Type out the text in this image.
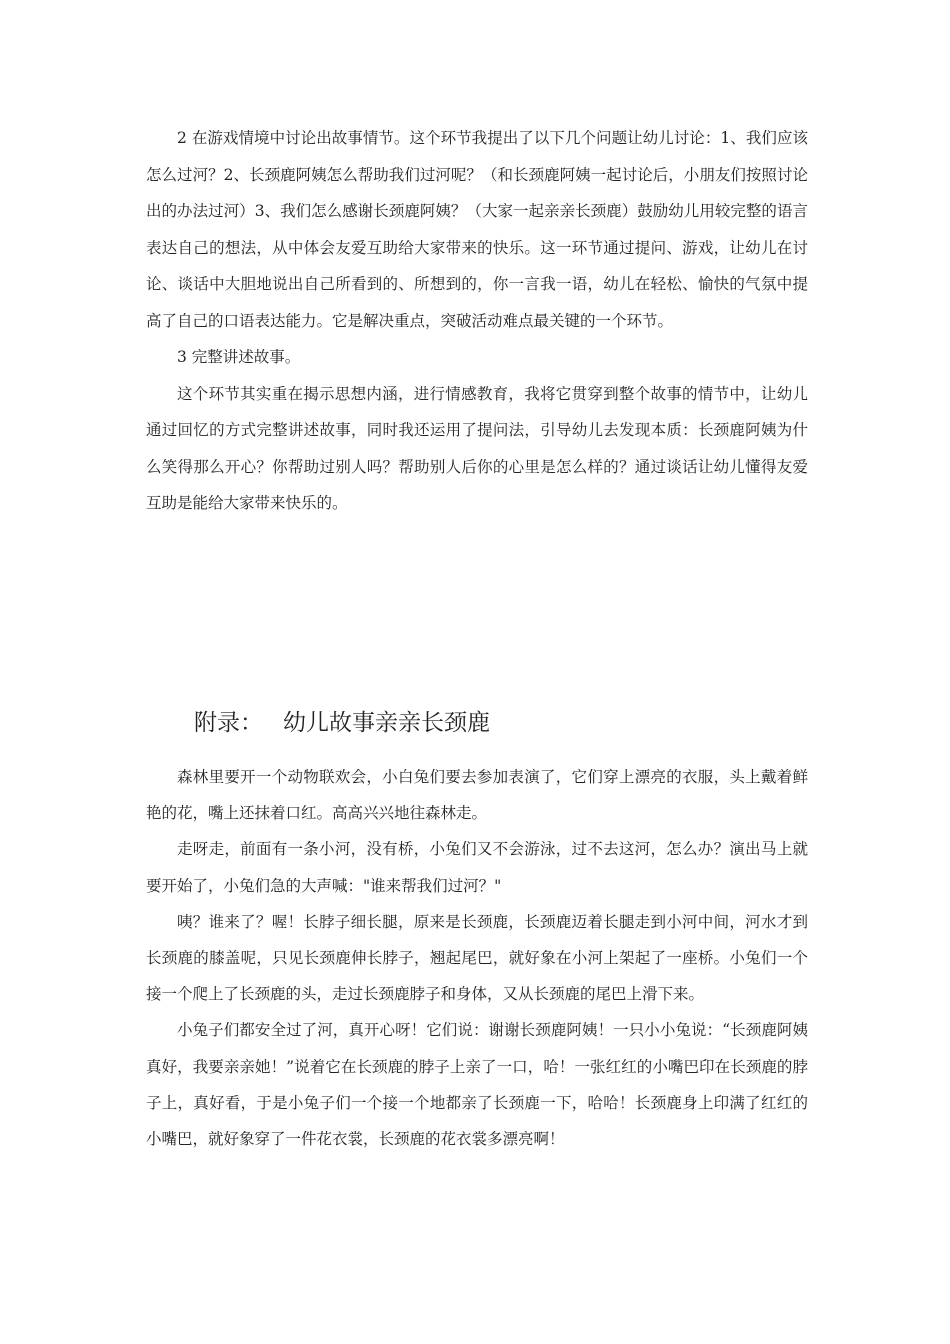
2 在游戏情境中讨论出故事情节。这个环节我提出了以下几个问题让幼儿讨论：1、我们应该怎么过河？2、长颈鹿阿姨怎么帮助我们过河呢？（和长颈鹿阿姨一起讨论后，小朋友们按照讨论出的办法过河）3、我们怎么感谢长颈鹿阿姨？（大家一起亲亲长颈鹿）鼓励幼儿用较完整的语言表达自己的想法，从中体会友爱互助给大家带来的快乐。这一环节通过提问、游戏，让幼儿在讨论、谈话中大胆地说出自己所看到的、所想到的，你一言我一语，幼儿在轻松、愉快的气氛中提高了自己的口语表达能力。它是解决重点，突破活动难点最关键的一个环节。

3 完整讲述故事。

这个环节其实重在揭示思想内涵，进行情感教育，我将它贯穿到整个故事的情节中，让幼儿通过回忆的方式完整讲述故事，同时我还运用了提问法，引导幼儿去发现本质：长颈鹿阿姨为什么笑得那么开心？你帮助过别人吗？帮助别人后你的心里是怎么样的？通过谈话让幼儿懂得友爱互助是能给大家带来快乐的。

附录： 幼儿故事亲亲长颈鹿

森林里要开一个动物联欢会，小白兔们要去参加表演了，它们穿上漂亮的衣服，头上戴着鲜艳的花，嘴上还抹着口红。高高兴兴地往森林走。

走呀走，前面有一条小河，没有桥，小兔们又不会游泳，过不去这河，怎么办？演出马上就要开始了，小兔们急的大声喊："谁来帮我们过河？"

咦？谁来了？喔！长脖子细长腿，原来是长颈鹿，长颈鹿迈着长腿走到小河中间，河水才到长颈鹿的膝盖呢，只见长颈鹿伸长脖子，翘起尾巴，就好象在小河上架起了一座桥。小兔们一个接一个爬上了长颈鹿的头，走过长颈鹿脖子和身体，又从长颈鹿的尾巴上滑下来。

小兔子们都安全过了河，真开心呀！它们说：谢谢长颈鹿阿姨！一只小小兔说：“长颈鹿阿姨真好，我要亲亲她！”说着它在长颈鹿的脖子上亲了一口，哈！一张红红的小嘴巴印在长颈鹿的脖子上，真好看，于是小兔子们一个接一个地都亲了长颈鹿一下，哈哈！长颈鹿身上印满了红红的小嘴巴，就好象穿了一件花衣裳，长颈鹿的花衣裳多漂亮啊！
